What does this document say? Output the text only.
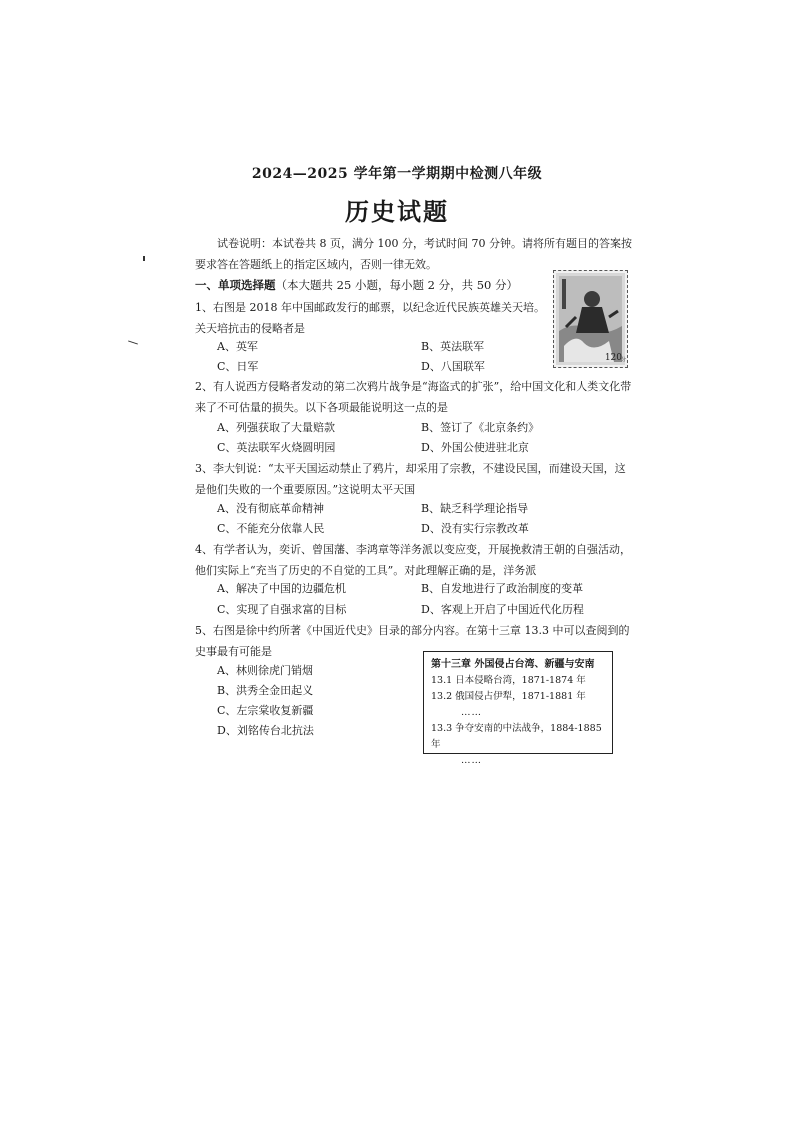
2024—2025 学年第一学期期中检测八年级
历史试题
试卷说明：本试卷共 8 页，满分 100 分，考试时间 70 分钟。请将所有题目的答案按要求答在答题纸上的指定区域内，否则一律无效。
一、单项选择题（本大题共 25 小题，每小题 2 分，共 50 分）
120
分
1、右图是 2018 年中国邮政发行的邮票，以纪念近代民族英雄关天培。关天培抗击的侵略者是
A、英军	B、英法联军
C、日军	D、八国联军
2、有人说西方侵略者发动的第二次鸦片战争是“海盗式的扩张”，给中国文化和人类文化带来了不可估量的损失。以下各项最能说明这一点的是
A、列强获取了大量赔款	B、签订了《北京条约》
C、英法联军火烧圆明园	D、外国公使进驻北京
3、李大钊说：“太平天国运动禁止了鸦片，却采用了宗教，不建设民国，而建设天国，这是他们失败的一个重要原因。”这说明太平天国
A、没有彻底革命精神	B、缺乏科学理论指导
C、不能充分依靠人民	D、没有实行宗教改革
4、有学者认为，奕䜣、曾国藩、李鸿章等洋务派以变应变，开展挽救清王朝的自强活动，他们实际上“充当了历史的不自觉的工具”。对此理解正确的是，洋务派
A、解决了中国的边疆危机	B、自发地进行了政治制度的变革
C、实现了自强求富的目标	D、客观上开启了中国近代化历程
5、右图是徐中约所著《中国近代史》目录的部分内容。在第十三章 13.3 中可以查阅到的史事最有可能是
A、林则徐虎门销烟
B、洪秀全金田起义
C、左宗棠收复新疆
D、刘铭传台北抗法
第十三章 外国侵占台湾、新疆与安南
13.1 日本侵略台湾，1871-1874 年
13.2 俄国侵占伊犁，1871-1881 年
……
13.3 争夺安南的中法战争，1884-1885 年
……
